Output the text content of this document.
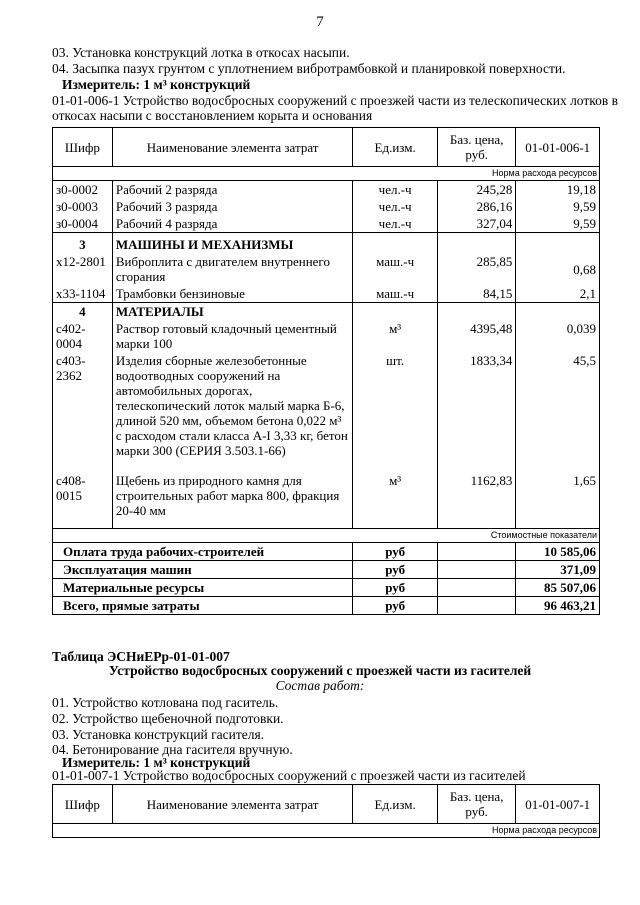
7
03. Установка конструкций лотка в откосах насыпи.
04. Засыпка пазух грунтом с уплотнением вибротрамбовкой и планировкой поверхности.
Измеритель: 1 м³ конструкций
01-01-006-1 Устройство водосбросных сооружений с проезжей части из телескопических лотков в
откосах насыпи с восстановлением корыта и основания
Шифр	Наименование элемента затрат	Ед.изм.	Баз. цена, руб.	01-01-006-1
Норма расхода ресурсов				
з0-0002	Рабочий 2 разряда	чел.-ч	245,28	19,18
з0-0003	Рабочий 3 разряда	чел.-ч	286,16	9,59
з0-0004	Рабочий 4 разряда	чел.-ч	327,04	9,59
3	МАШИНЫ И МЕХАНИЗМЫ			
х12-2801	Виброплита с двигателем внутреннего сгорания	маш.-ч	285,85	0,68
х33-1104	Трамбовки бензиновые	маш.-ч	84,15	2,1
4	МАТЕРИАЛЫ			
с402-0004	Раствор готовый кладочный цементный марки 100	м³	4395,48	0,039
с403-2362	Изделия сборные железобетонные водоотводных сооружений на автомобильных дорогах, телескопический лоток малый марка Б-6, длиной 520 мм, объемом бетона 0,022 м³ с расходом стали класса А-I 3,33 кг, бетон марки 300 (СЕРИЯ 3.503.1-66)	шт.	1833,34	45,5
с408-0015	Щебень из природного камня для строительных работ марка 800, фракция 20-40 мм	м³	1162,83	1,65
Стоимостные показатели				
Оплата труда рабочих-строителей		руб		10 585,06
Эксплуатация машин		руб		371,09
Материальные ресурсы		руб		85 507,06
Всего, прямые затраты		руб		96 463,21
Таблица ЭСНиЕРр-01-01-007
Устройство водосбросных сооружений с проезжей части из гасителей
Состав работ:
01. Устройство котлована под гаситель.
02. Устройство щебеночной подготовки.
03. Установка конструкций гасителя.
04. Бетонирование дна гасителя вручную.
Измеритель: 1 м³ конструкций
01-01-007-1 Устройство водосбросных сооружений с проезжей части из гасителей
Шифр	Наименование элемента затрат	Ед.изм.	Баз. цена, руб.	01-01-007-1
Норма расхода ресурсов
